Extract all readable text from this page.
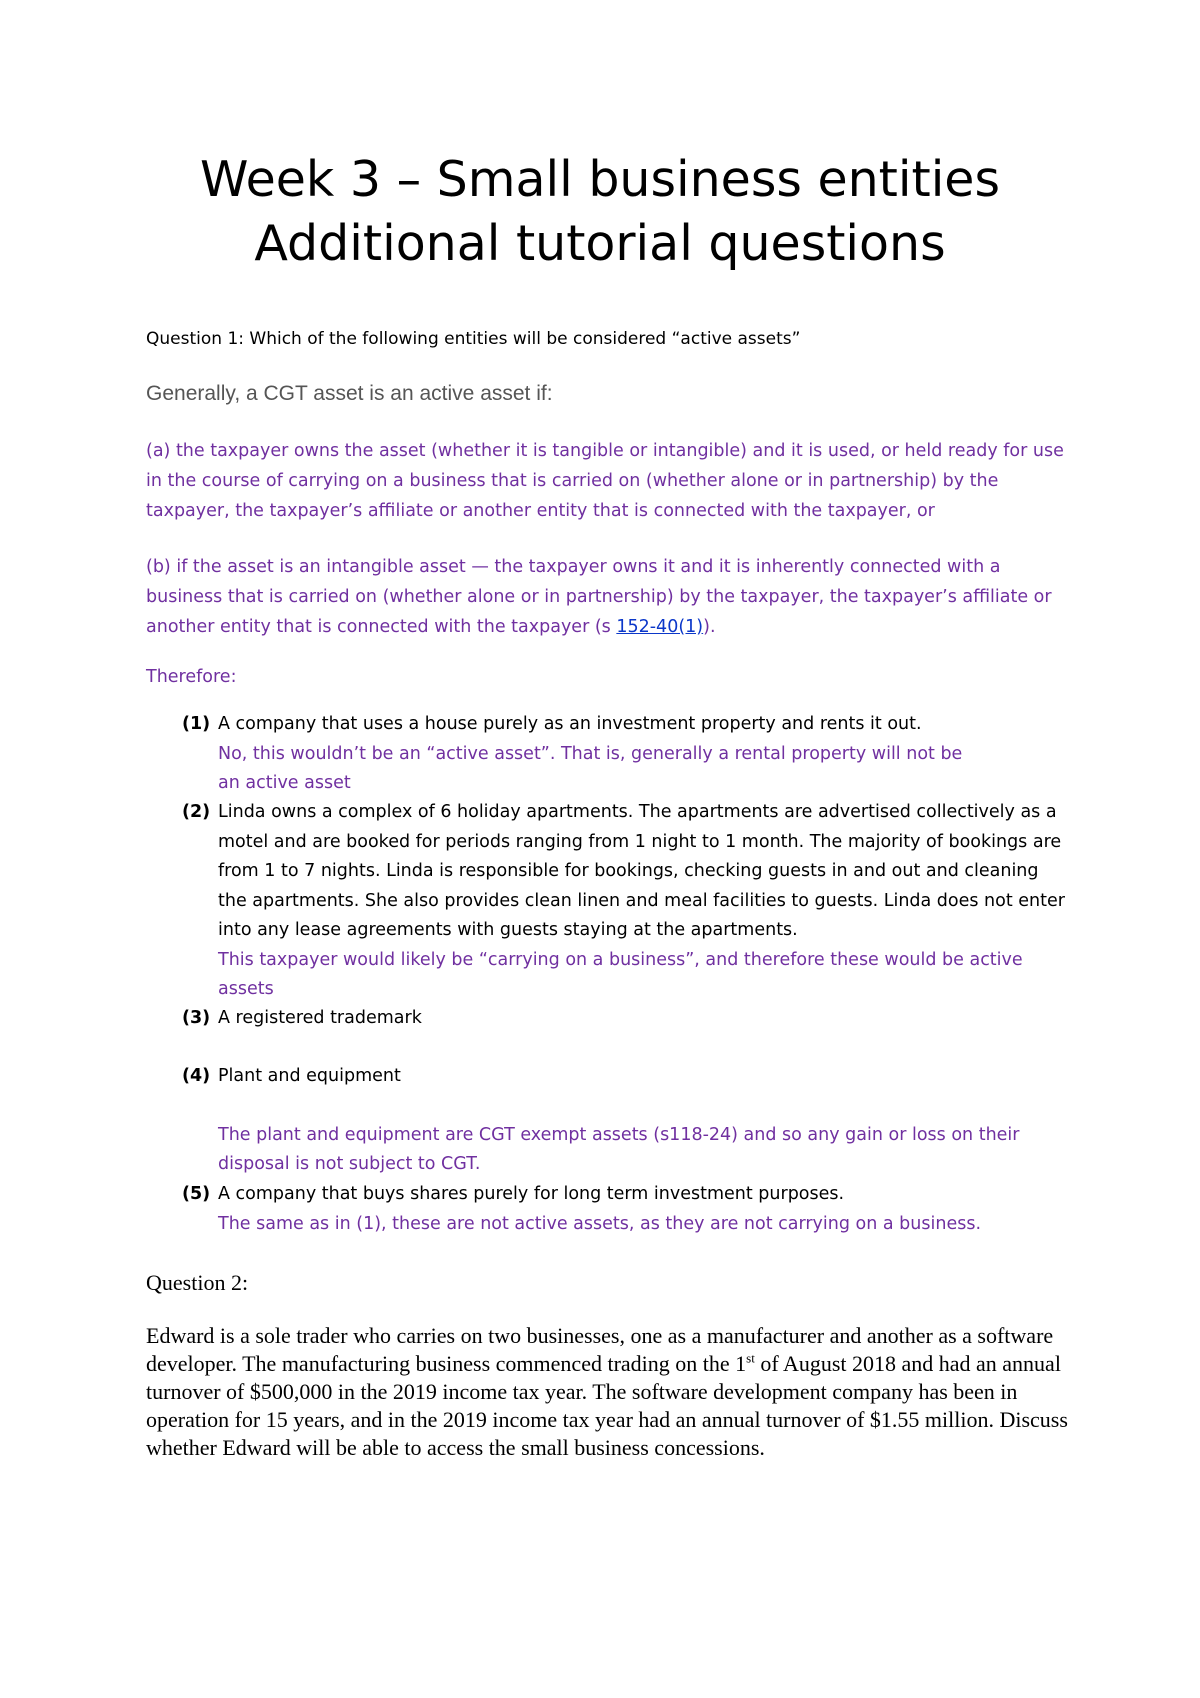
Week 3 – Small business entities
Additional tutorial questions
Question 1: Which of the following entities will be considered “active assets”
Generally, a CGT asset is an active asset if:
(a) the taxpayer owns the asset (whether it is tangible or intangible) and it is used, or held ready for use in the course of carrying on a business that is carried on (whether alone or in partnership) by the taxpayer, the taxpayer’s affiliate or another entity that is connected with the taxpayer, or
(b) if the asset is an intangible asset — the taxpayer owns it and it is inherently connected with a business that is carried on (whether alone or in partnership) by the taxpayer, the taxpayer’s affiliate or another entity that is connected with the taxpayer (s 152-40(1)).
Therefore:
(1) A company that uses a house purely as an investment property and rents it out.
No, this wouldn’t be an “active asset”. That is, generally a rental property will not be an active asset
(2) Linda owns a complex of 6 holiday apartments. The apartments are advertised collectively as a motel and are booked for periods ranging from 1 night to 1 month. The majority of bookings are from 1 to 7 nights. Linda is responsible for bookings, checking guests in and out and cleaning the apartments. She also provides clean linen and meal facilities to guests. Linda does not enter into any lease agreements with guests staying at the apartments.
This taxpayer would likely be “carrying on a business”, and therefore these would be active assets
(3) A registered trademark
(4) Plant and equipment
The plant and equipment are CGT exempt assets (s118-24) and so any gain or loss on their disposal is not subject to CGT.
(5) A company that buys shares purely for long term investment purposes.
The same as in (1), these are not active assets, as they are not carrying on a business.
Question 2:
Edward is a sole trader who carries on two businesses, one as a manufacturer and another as a software developer. The manufacturing business commenced trading on the 1st of August 2018 and had an annual turnover of $500,000 in the 2019 income tax year. The software development company has been in operation for 15 years, and in the 2019 income tax year had an annual turnover of $1.55 million. Discuss whether Edward will be able to access the small business concessions.
